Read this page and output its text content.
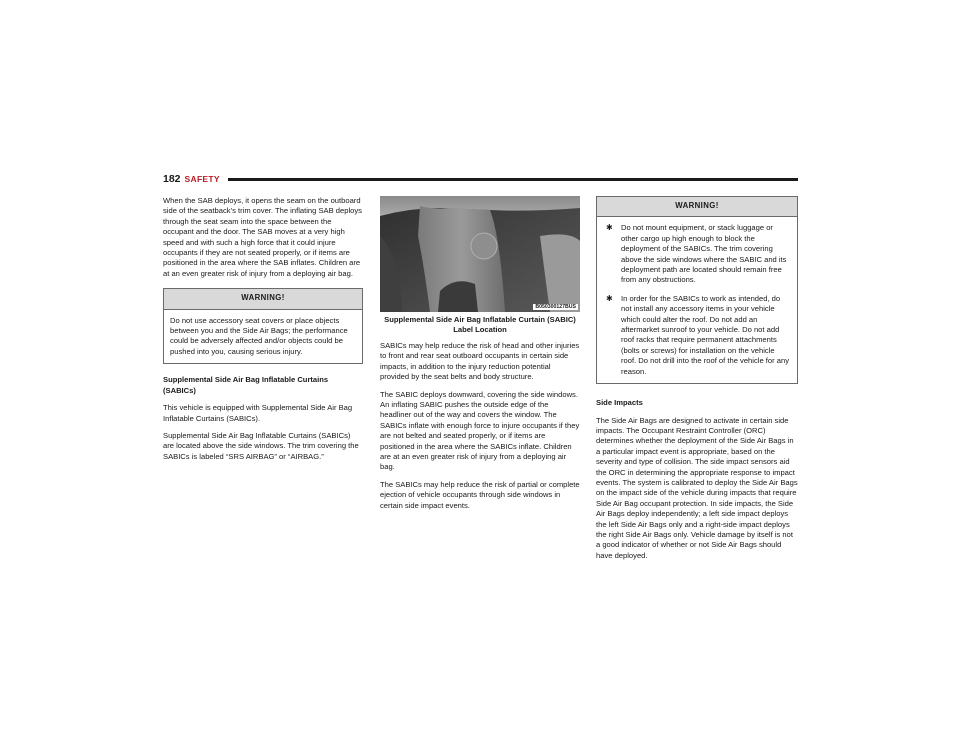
182 SAFETY

When the SAB deploys, it opens the seam on the outboard side of the seatback’s trim cover. The inflating SAB deploys through the seat seam into the space between the occupant and the door. The SAB moves at a very high speed and with such a high force that it could injure occupants if they are not seated properly, or if items are positioned in the area where the SAB inflates. Children are at an even greater risk of injury from a deploying air bag.

WARNING!
Do not use accessory seat covers or place objects between you and the Side Air Bags; the performance could be adversely affected and/or objects could be pushed into you, causing serious injury.

Supplemental Side Air Bag Inflatable Curtains (SABICs)

This vehicle is equipped with Supplemental Side Air Bag Inflatable Curtains (SABICs).

Supplemental Side Air Bag Inflatable Curtains (SABICs) are located above the side windows. The trim covering the SABICs is labeled “SRS AIRBAG” or “AIRBAG.”

B050300127BUS
Supplemental Side Air Bag Inflatable Curtain (SABIC) Label Location

SABICs may help reduce the risk of head and other injuries to front and rear seat outboard occupants in certain side impacts, in addition to the injury reduction potential provided by the seat belts and body structure.

The SABIC deploys downward, covering the side windows. An inflating SABIC pushes the outside edge of the headliner out of the way and covers the window. The SABICs inflate with enough force to injure occupants if they are not belted and seated properly, or if items are positioned in the area where the SABICs inflate. Children are at an even greater risk of injury from a deploying air bag.

The SABICs may help reduce the risk of partial or complete ejection of vehicle occupants through side windows in certain side impact events.

WARNING!
✱ Do not mount equipment, or stack luggage or other cargo up high enough to block the deployment of the SABICs. The trim covering above the side windows where the SABIC and its deployment path are located should remain free from any obstructions.
✱ In order for the SABICs to work as intended, do not install any accessory items in your vehicle which could alter the roof. Do not add an aftermarket sunroof to your vehicle. Do not add roof racks that require permanent attachments (bolts or screws) for installation on the vehicle roof. Do not drill into the roof of the vehicle for any reason.

Side Impacts

The Side Air Bags are designed to activate in certain side impacts. The Occupant Restraint Controller (ORC) determines whether the deployment of the Side Air Bags in a particular impact event is appropriate, based on the severity and type of collision. The side impact sensors aid the ORC in determining the appropriate response to impact events. The system is calibrated to deploy the Side Air Bags on the impact side of the vehicle during impacts that require Side Air Bag occupant protection. In side impacts, the Side Air Bags deploy independently; a left side impact deploys the left Side Air Bags only and a right-side impact deploys the right Side Air Bags only. Vehicle damage by itself is not a good indicator of whether or not Side Air Bags should have deployed.
